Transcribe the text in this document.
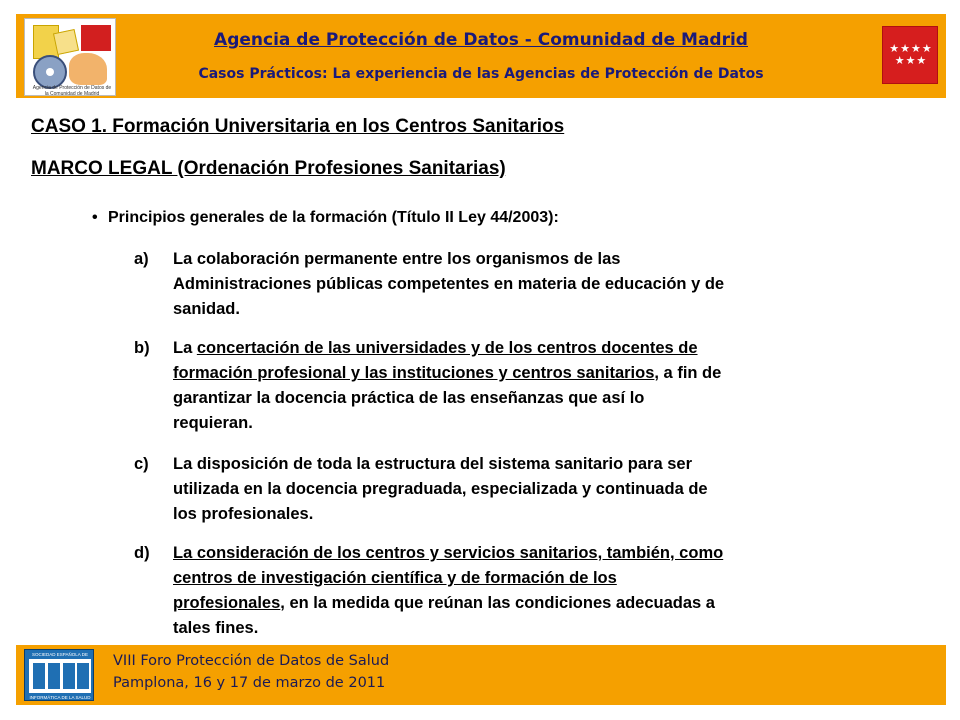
Agencia de Protección de Datos de la Comunidad de Madrid
Agencia de Protección de Datos - Comunidad de Madrid
Casos Prácticos: La experiencia de las Agencias de Protección de Datos
★★★★
★★★
CASO 1. Formación Universitaria en los Centros Sanitarios
MARCO LEGAL (Ordenación Profesiones Sanitarias)
• Principios generales de la formación (Título II Ley 44/2003):
a)	La colaboración permanente entre los organismos de las
Administraciones públicas competentes en materia de educación y de
sanidad.
b)	La concertación de las universidades y de los centros docentes de
formación profesional y las instituciones y centros sanitarios, a fin de
garantizar la docencia práctica de las enseñanzas que así lo
requieran.
c)	La disposición de toda la estructura del sistema sanitario para ser
utilizada en la docencia pregraduada, especializada y continuada de
los profesionales.
d)	La consideración de los centros y servicios sanitarios, también, como
centros de investigación científica y de formación de los
profesionales, en la medida que reúnan las condiciones adecuadas a
tales fines.
SOCIEDAD ESPAÑOLA DE
INFORMÁTICA DE LA SALUD
VIII Foro Protección de Datos de Salud
Pamplona, 16 y 17 de marzo de 2011
